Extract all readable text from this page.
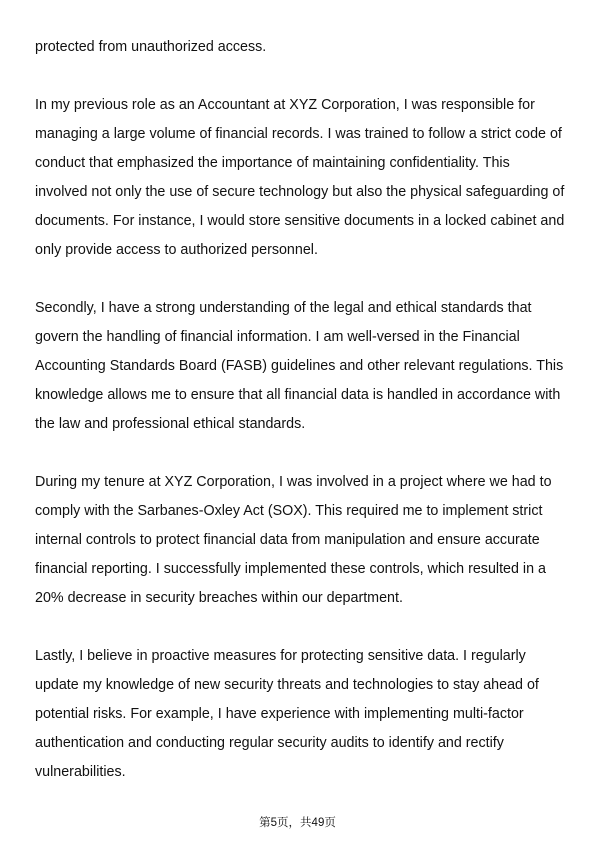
protected from unauthorized access.

In my previous role as an Accountant at XYZ Corporation, I was responsible for managing a large volume of financial records. I was trained to follow a strict code of conduct that emphasized the importance of maintaining confidentiality. This involved not only the use of secure technology but also the physical safeguarding of documents. For instance, I would store sensitive documents in a locked cabinet and only provide access to authorized personnel.

Secondly, I have a strong understanding of the legal and ethical standards that govern the handling of financial information. I am well-versed in the Financial Accounting Standards Board (FASB) guidelines and other relevant regulations. This knowledge allows me to ensure that all financial data is handled in accordance with the law and professional ethical standards.

During my tenure at XYZ Corporation, I was involved in a project where we had to comply with the Sarbanes-Oxley Act (SOX). This required me to implement strict internal controls to protect financial data from manipulation and ensure accurate financial reporting. I successfully implemented these controls, which resulted in a 20% decrease in security breaches within our department.

Lastly, I believe in proactive measures for protecting sensitive data. I regularly update my knowledge of new security threats and technologies to stay ahead of potential risks. For example, I have experience with implementing multi-factor authentication and conducting regular security audits to identify and rectify vulnerabilities.

第5页，共49页
